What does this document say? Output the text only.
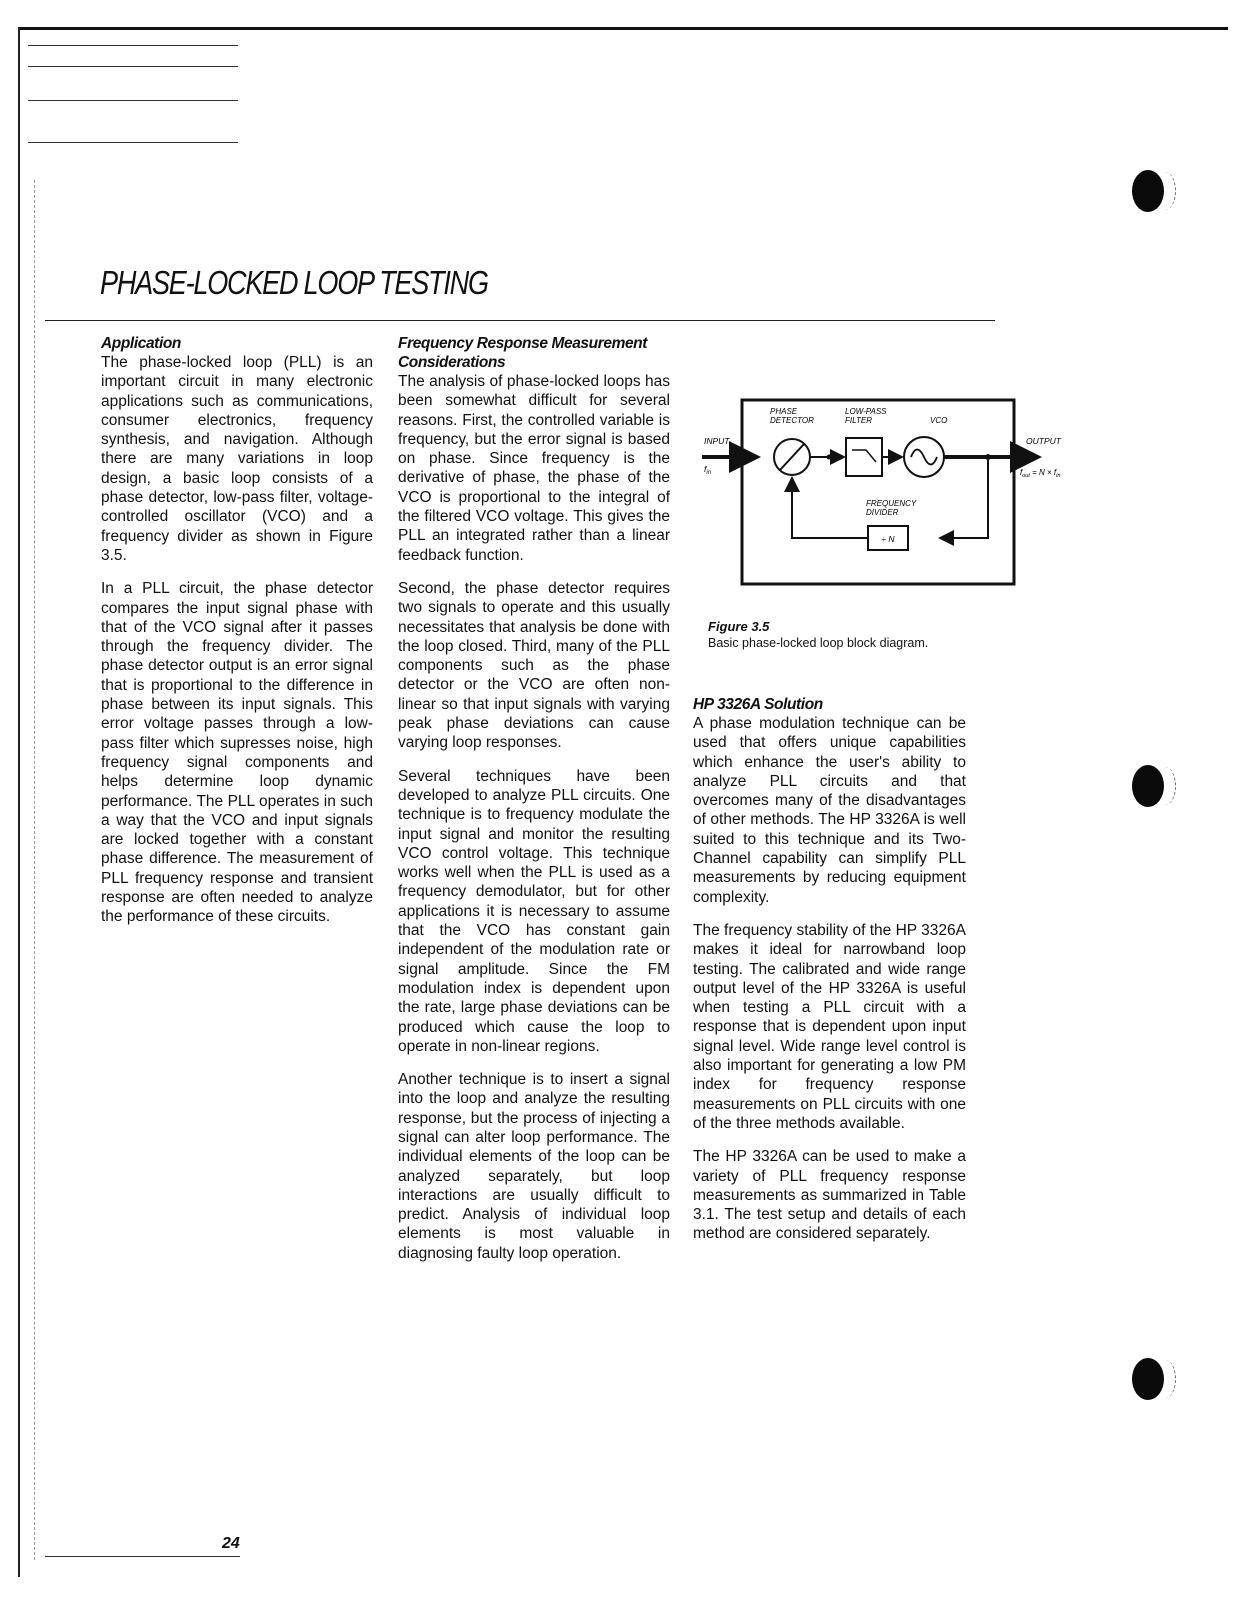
PHASE-LOCKED LOOP TESTING
Application

The phase-locked loop (PLL) is an important circuit in many electronic applications such as communications, consumer electronics, frequency synthesis, and navigation. Although there are many variations in loop design, a basic loop consists of a phase detector, low-pass filter, voltage-controlled oscillator (VCO) and a frequency divider as shown in Figure 3.5.

In a PLL circuit, the phase detector compares the input signal phase with that of the VCO signal after it passes through the frequency divider. The phase detector output is an error signal that is proportional to the difference in phase between its input signals. This error voltage passes through a low-pass filter which supresses noise, high frequency signal components and helps determine loop dynamic performance. The PLL operates in such a way that the VCO and input signals are locked together with a constant phase difference. The measurement of PLL frequency response and transient response are often needed to analyze the performance of these circuits.

Frequency Response Measurement
Considerations

The analysis of phase-locked loops has been somewhat difficult for several reasons. First, the controlled variable is frequency, but the error signal is based on phase. Since frequency is the derivative of phase, the phase of the VCO is proportional to the integral of the filtered VCO voltage. This gives the PLL an integrated rather than a linear feedback function.

Second, the phase detector requires two signals to operate and this usually necessitates that analysis be done with the loop closed. Third, many of the PLL components such as the phase detector or the VCO are often non-linear so that input signals with varying peak phase deviations can cause varying loop responses.

Several techniques have been developed to analyze PLL circuits. One technique is to frequency modulate the input signal and monitor the resulting VCO control voltage. This technique works well when the PLL is used as a frequency demodulator, but for other applications it is necessary to assume that the VCO has constant gain independent of the modulation rate or signal amplitude. Since the FM modulation index is dependent upon the rate, large phase deviations can be produced which cause the loop to operate in non-linear regions.

Another technique is to insert a signal into the loop and analyze the resulting response, but the process of injecting a signal can alter loop performance. The individual elements of the loop can be analyzed separately, but loop interactions are usually difficult to predict. Analysis of individual loop elements is most valuable in diagnosing faulty loop operation.

INPUT
$f_{in}$
PHASE
DETECTOR
LOW-PASS
FILTER	VCO
OUTPUT
$f_{out} = N \times f_{in}$
FREQUENCY
DIVIDER
÷ N
Figure 3.5
Basic phase-locked loop block diagram.
HP 3326A Solution

A phase modulation technique can be used that offers unique capabilities which enhance the user's ability to analyze PLL circuits and that overcomes many of the disadvantages of other methods. The HP 3326A is well suited to this technique and its Two-Channel capability can simplify PLL measurements by reducing equipment complexity.

The frequency stability of the HP 3326A makes it ideal for narrowband loop testing. The calibrated and wide range output level of the HP 3326A is useful when testing a PLL circuit with a response that is dependent upon input signal level. Wide range level control is also important for generating a low PM index for frequency response measurements on PLL circuits with one of the three methods available.

The HP 3326A can be used to make a variety of PLL frequency response measurements as summarized in Table 3.1. The test setup and details of each method are considered separately.

24
